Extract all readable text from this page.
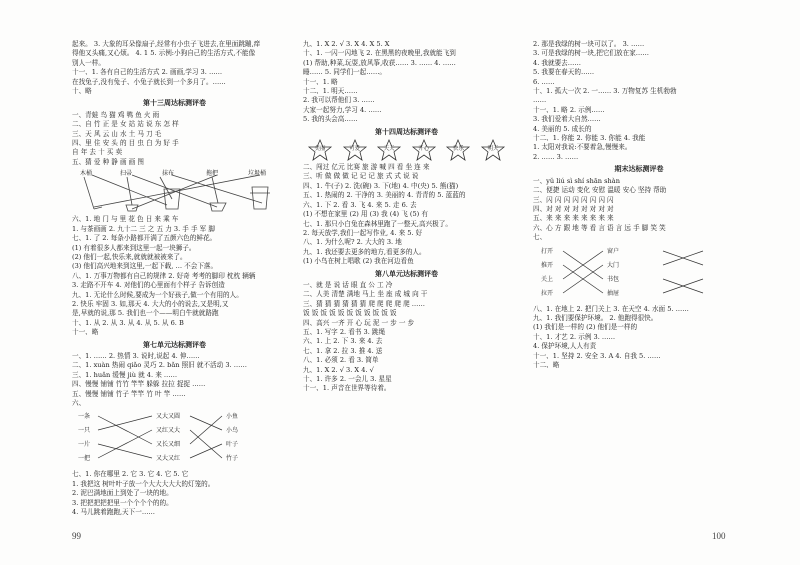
起来。 3. 大象的耳朵像扇子,经常有小虫子飞进去,在里面跳蹦,痒
得他又头痛,又心烦。 4. 1 5. 示例:小狗自己的生活方式,不能像
别人一样。
十一、1. 各有自己的生活方式 2. 画画,学习 3. ……
在找兔子,没有兔子、小兔子就长到一个多月了。……
十、略
第十三周达标测评卷
一、青蛙 鸟 猫 鸡 鸭 鱼 火 雨
二、自 竹 正 是 女 站 站 说 东 怎 样
三、天 风 云 山 水 土 马 刀 毛
四、里 住 安 头 的 目 虫 白 为 好 手
自 年 去 十 买 卖
五、猜 爱 种 静 画 画 图
木桶	扫帚	抹布	拖把	垃圾桶
六、1. 地 门 与 里 花 色 日 来 乘 车
1. 与茶画画 2. 九十二 三 之 五 力 3. 手 手 军 脚
七、1. 了 2. 每条小路都开满了五颜六色的鲜花。
(1) 有着很多人都来到这里一起一块狮子。
(2) 他们一起,快乐来,就就就被被来了。
(3) 他们高兴地来到这里,一起下载, … 不会下落。
八、1. 万事万物都有自己的规律 2. 好奇 考考的脚印 枕枕 辆辆
3. 走路不开车 4. 对他们的心里面有个样子 告诉创造
九、1. 无论什么时候,要成为一个好孩子,做一个有用的人。
2. 快乐 牢固 3. 如,那天 4. 大大的小的说去,又是明,又
是,早就的说,那 5. 我们也一个——明白牛就就路跑
十、1. 从 2. 从 3. 从 4. 从 5. 从 6. B
十一、略
第七单元达标测评卷
一、1. …… 2. 热情 3. 说时,说起 4. 伸……
二、1. xuàn 热闹 qiǎo 灵巧 2. bǎn 照旧 就不活动 3. ……
三、1. huǎn 缓慢 jiù 就 4. 来 ……
四、慢慢 铺铺 竹竹 竿竿 躲躲 拉拉 捉捉 ……
五、慢慢 铺铺 竹子 竿竿 竹 叶 竿 ……
六、
一条
一只
一片
一把
又大又圆
又红又大
又长又细
又大又红
小鱼
小鸟
叶子
竹子
七、1. 你在哪里 2. 它 3. 它 4. 它 5. 它
1. 我把这 树叶叶子放一个大大大大大的灯笼的。
2. 泥巴满地面上到处了一块的地。
3. 把把把把把里一个个个个的的。
4. 马儿跳着跑跑,天下一……
九、1. X 2. √ 3. X 4. X 5. X
十、1. 一闪一闪地飞 2. 在黑黑的夜晚里,我就能飞到
(1) 帮助,种菜,玩耍,放风筝,收获…… 3. …… 4. ……
睡…… 5. 同学们一起……。
十一、1. 略
十二、1. 明天……
2. 我可以帮他们 3. ……
大家一起努力,学习 4. ……
5. 我的头会高……
第十四周达标测评卷
美丽	可爱	天天	开心	快乐	明天
二、闯过 亿元 比赛 旅 游 喊 四 看 坐 连 来
三、听 做 做 做 记 记 记 旅 式 式 说 说
四、1. 牛(子) 2. 洗(碗) 3. 下(地) 4. 中(央) 5. 熊(猫)
五、1. 热闹的 2. 干净的 3. 美丽的 4. 青青的 5. 蓝蓝的
六、1. 下 2. 看 3. 飞 4. 来 5. 走 6. 去
(1) 不想在家里 (2) 用 (3) 我 (4) 飞 (5) 有
七、1. 那只小白兔在森林里跑了一整天,高兴极了。
2. 每天放学,我们一起写作业, 4. 来 5. 好
八、1. 为什么呢? 2. 大大的 3. 地
九、1. 我还要去更多的地方,看更多的人。
(1) 小鸟在树上唱歌 (2) 我在河边看鱼
第八单元达标测评卷
一、就 是 说 话 眼 直 公 工 冷
二、人美 清楚 满地 马上 坐 座 成 城 向 干
三、猜 猜 猜 猜 猜 猜 爬 爬 爬 爬 爬 ……
饭 饭 饭 饭 饭 饭 饭 饭 饭 饭 饭
四、高兴 一齐 开 心 玩 泥 一 步 一 步
五、1. 写字 2. 看书 3. 跳绳
六、1. 上 2. 下 3. 来 4. 去
七、1. 拿 2. 拉 3. 推 4. 送
八、1. 必须 2. 看 3. 简单
九、1. X 2. √ 3. X 4. √
十、1. 许多 2. 一会儿 3. 星星
十一、1. 声音在世界等待着。
2. 那是我绿的树一块可以了。 3. ……
3. 可是我绿的树一块,把它们放在家……
4. 我就要去……
5. 我要在春天的……
6. ……
十、1. 孤大一次 2. 一…… 3. 万物复苏 生机勃勃
……
十一、1. 略 2. 示例……
3. 我们爱着大自然……
4. 美丽的 5. 成长的
十二、1. 你能 2. 你能 3. 你能 4. 我能
1. 太阳对我说:不要着急,慢慢来。
2. …… 3. ……
期末达标测评卷
一、yǔ liú sì shí shān shàn
二、便捷 运动 变化 安慰 温暖 安心 坚持 帮助
三、闪 闪 闪 闪 闪 闪 闪 闪
四、对 对 对 对 对 对 对 对
五、来 来 来 来 来 来 来 来
六、心 方 跟 地 等 看 言 语 言 远 手 脚 笑 笑
七、
打开
推开
关上
拉开
窗户
大门
书包
抽屉
八、1. 在地上 2. 把门关上 3. 在天空 4. 水面 5. ……
九、1. 我们要保护环境。 2. 他跑得很快。
(1) 我们是一样的 (2) 他们是一样的
十、1. 才艺 2. 示例 3. ……
4. 保护环境,人人有责
十一、1. 坚持 2. 安全 3. A 4. 自我 5. ……
十二、略
99	100
